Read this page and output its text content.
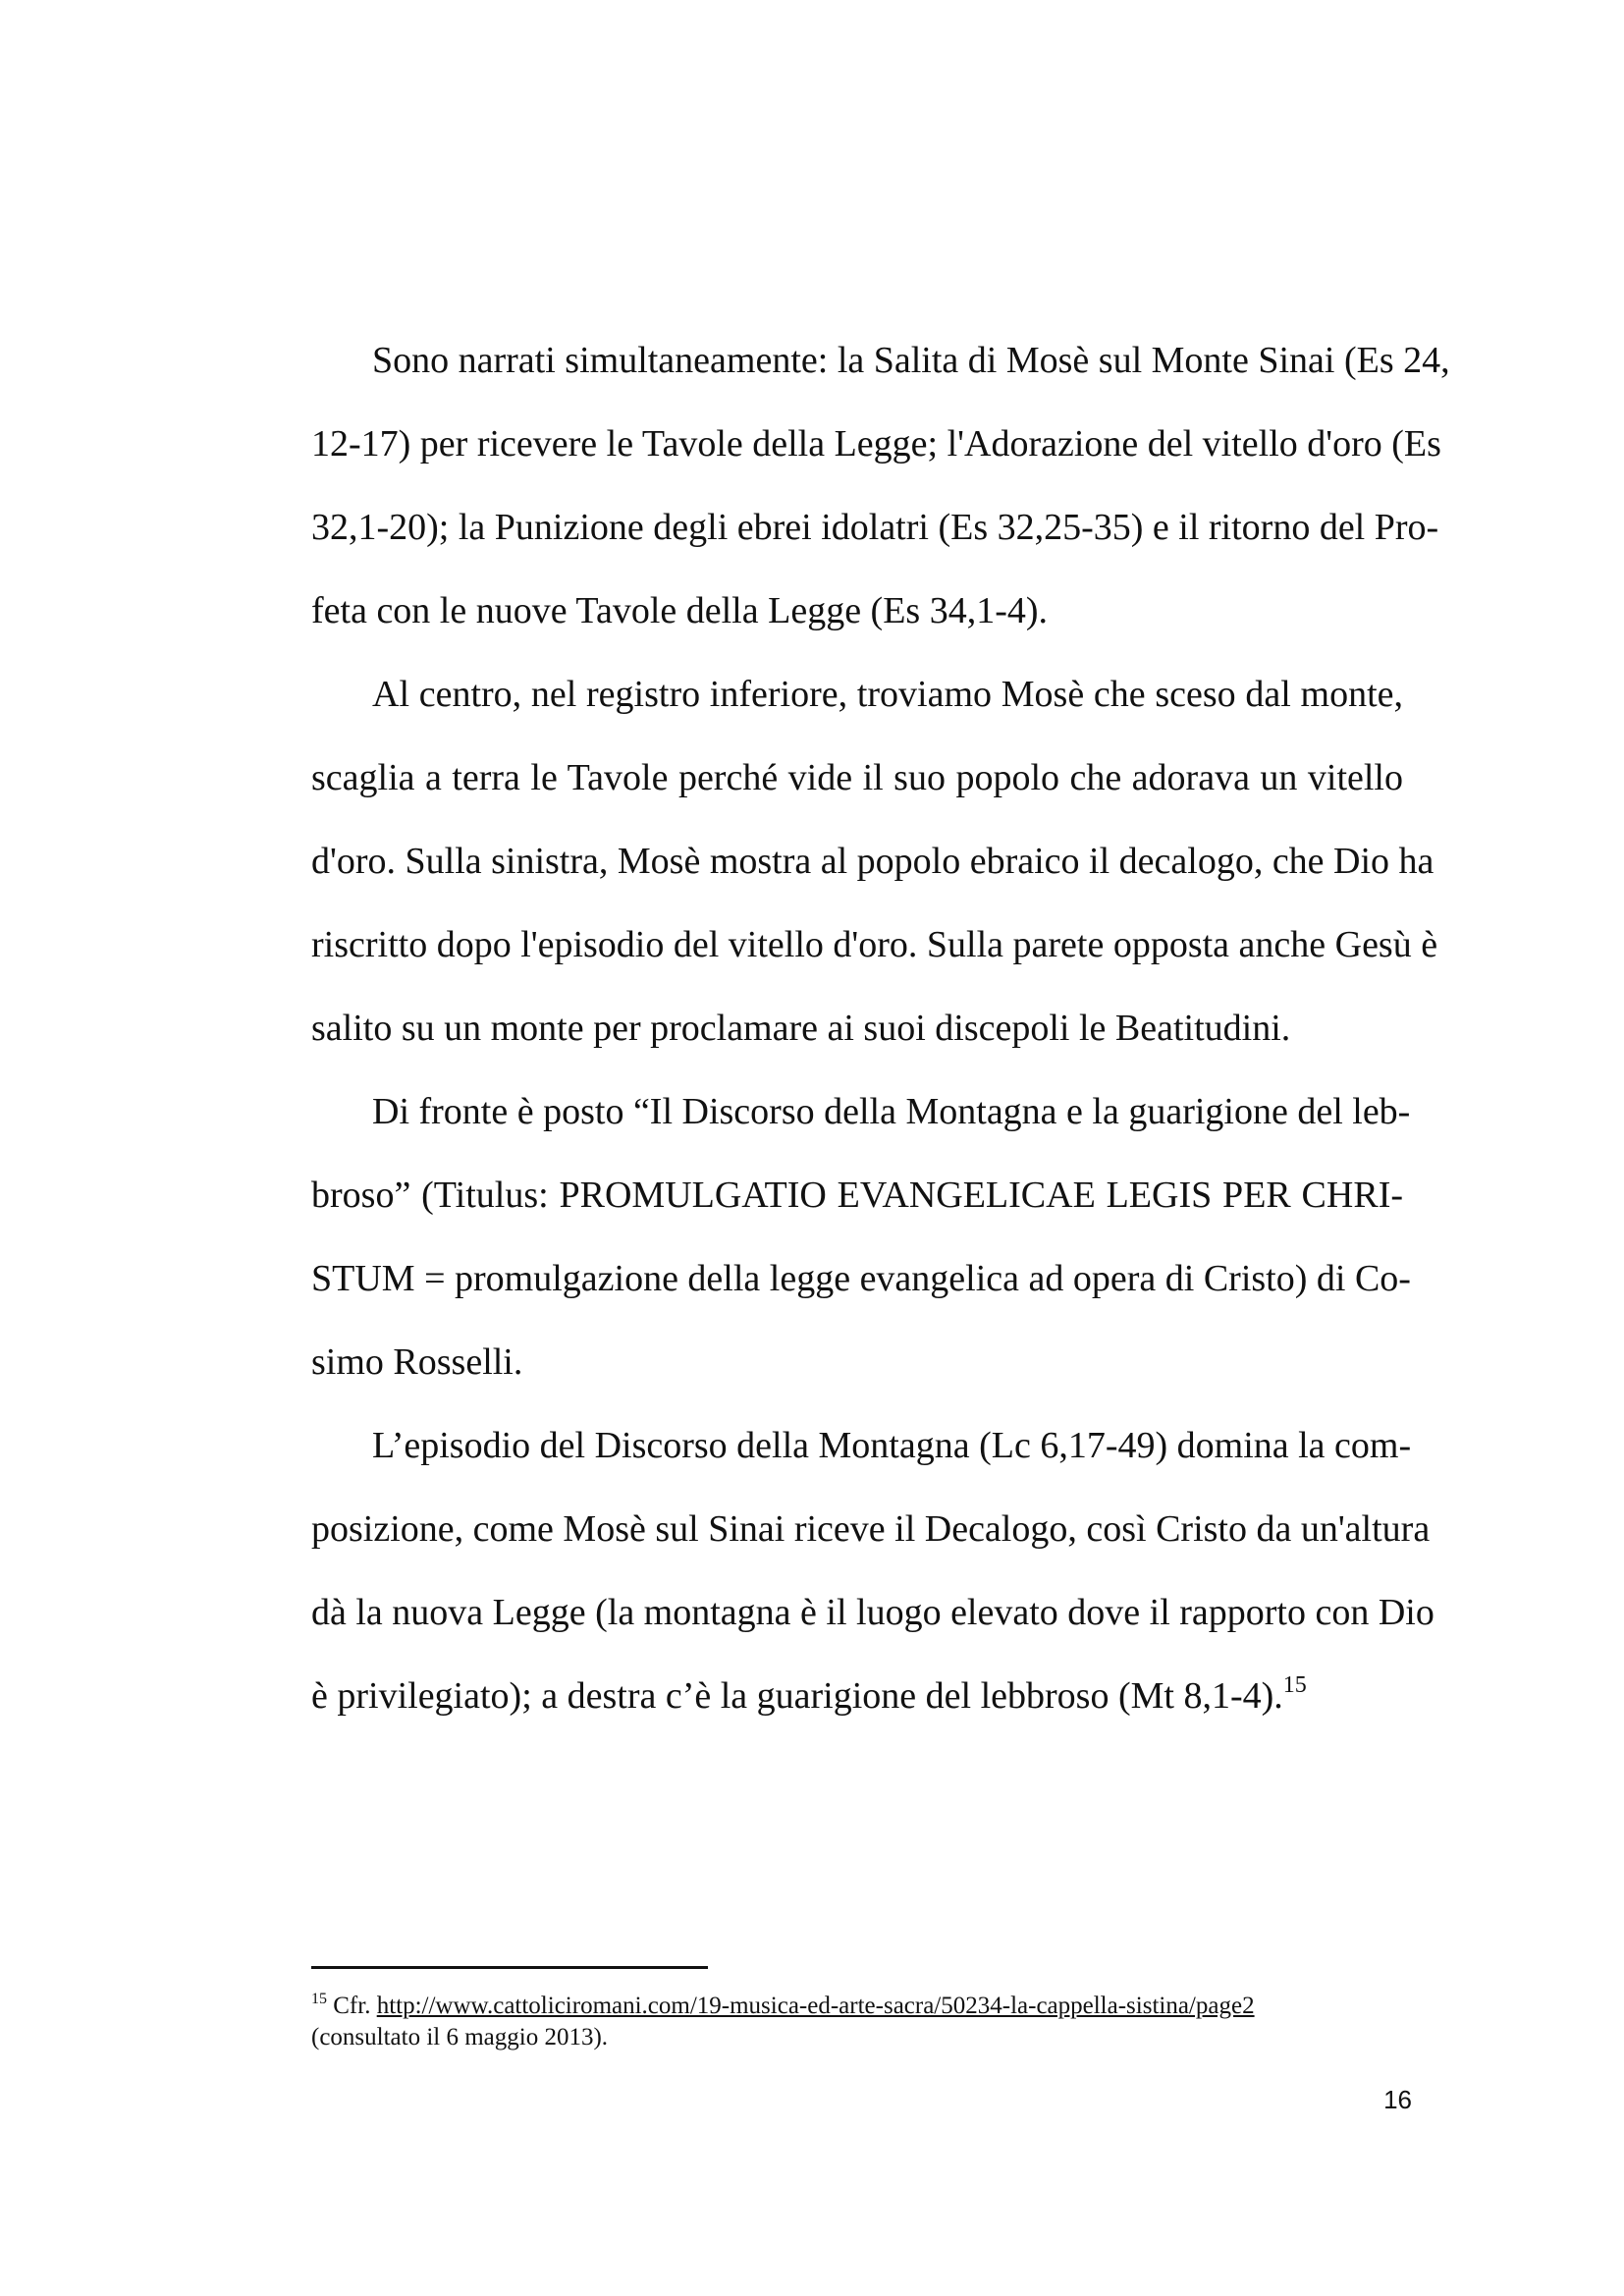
Sono narrati simultaneamente: la Salita di Mosè sul Monte Sinai (Es 24,
12-17) per ricevere le Tavole della Legge; l'Adorazione del vitello d'oro (Es
32,1-20); la Punizione degli ebrei idolatri (Es 32,25-35) e il ritorno del Pro-
feta con le nuove Tavole della Legge (Es 34,1-4).

Al centro, nel registro inferiore, troviamo Mosè che sceso dal monte,
scaglia a terra le Tavole perché vide il suo popolo che adorava un vitello
d'oro. Sulla sinistra, Mosè mostra al popolo ebraico il decalogo, che Dio ha
riscritto dopo l'episodio del vitello d'oro. Sulla parete opposta anche Gesù è
salito su un monte per proclamare ai suoi discepoli le Beatitudini.

Di fronte è posto “Il Discorso della Montagna e la guarigione del leb-
broso” (Titulus: PROMULGATIO EVANGELICAE LEGIS PER CHRI-
STUM = promulgazione della legge evangelica ad opera di Cristo) di Co-
simo Rosselli.

L’episodio del Discorso della Montagna (Lc 6,17-49) domina la com-
posizione, come Mosè sul Sinai riceve il Decalogo, così Cristo da un'altura
dà la nuova Legge (la montagna è il luogo elevato dove il rapporto con Dio
è privilegiato); a destra c’è la guarigione del lebbroso (Mt 8,1-4).$^{15}$

$^{15}$ Cfr. http://www.cattoliciromani.com/19-musica-ed-arte-sacra/50234-la-cappella-sistina/page2
(consultato il 6 maggio 2013).
16
